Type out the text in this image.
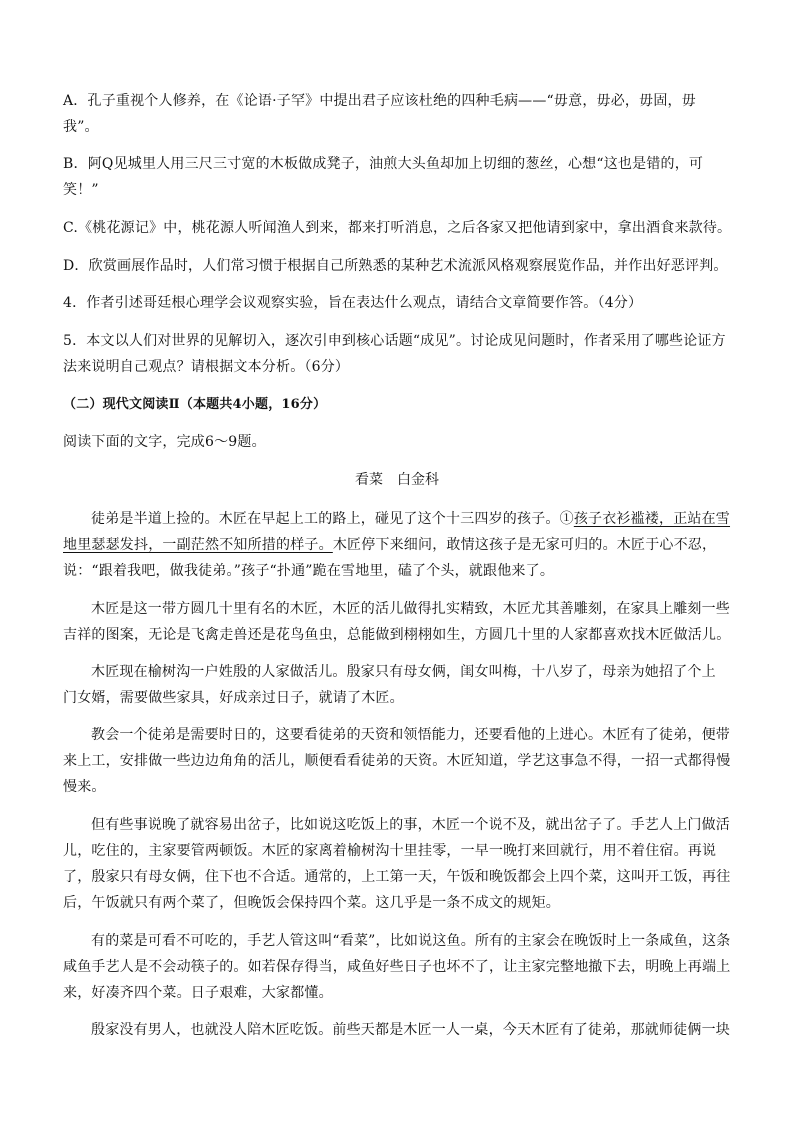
A．孔子重视个人修养，在《论语·子罕》中提出君子应该杜绝的四种毛病——“毋意，毋必，毋固，毋
我”。
B．阿Q见城里人用三尺三寸宽的木板做成凳子，油煎大头鱼却加上切细的葱丝，心想“这也是错的，可
笑！”
C.《桃花源记》中，桃花源人听闻渔人到来，都来打听消息，之后各家又把他请到家中，拿出酒食来款待。
D．欣赏画展作品时，人们常习惯于根据自己所熟悉的某种艺术流派风格观察展览作品，并作出好恶评判。
4．作者引述哥廷根心理学会议观察实验，旨在表达什么观点，请结合文章简要作答。（4分）
5．本文以人们对世界的见解切入，逐次引申到核心话题“成见”。讨论成见问题时，作者采用了哪些论证方
法来说明自己观点？请根据文本分析。（6分）
（二）现代文阅读Ⅱ（本题共4小题，16分）
阅读下面的文字，完成6～9题。
看菜　白金科
徒弟是半道上捡的。木匠在早起上工的路上，碰见了这个十三四岁的孩子。①孩子衣衫褴褛，正站在雪
地里瑟瑟发抖，一副茫然不知所措的样子。木匠停下来细问，敢情这孩子是无家可归的。木匠于心不忍，
说：“跟着我吧，做我徒弟。”孩子“扑通”跪在雪地里，磕了个头，就跟他来了。
木匠是这一带方圆几十里有名的木匠，木匠的活儿做得扎实精致，木匠尤其善雕刻，在家具上雕刻一些
吉祥的图案，无论是飞禽走兽还是花鸟鱼虫，总能做到栩栩如生，方圆几十里的人家都喜欢找木匠做活儿。
木匠现在榆树沟一户姓殷的人家做活儿。殷家只有母女俩，闺女叫梅，十八岁了，母亲为她招了个上
门女婿，需要做些家具，好成亲过日子，就请了木匠。
教会一个徒弟是需要时日的，这要看徒弟的天资和领悟能力，还要看他的上进心。木匠有了徒弟，便带
来上工，安排做一些边边角角的活儿，顺便看看徒弟的天资。木匠知道，学艺这事急不得，一招一式都得慢
慢来。
但有些事说晚了就容易出岔子，比如说这吃饭上的事，木匠一个说不及，就出岔子了。手艺人上门做活
儿，吃住的，主家要管两顿饭。木匠的家离着榆树沟十里挂零，一早一晚打来回就行，用不着住宿。再说
了，殷家只有母女俩，住下也不合适。通常的，上工第一天，午饭和晚饭都会上四个菜，这叫开工饭，再往
后，午饭就只有两个菜了，但晚饭会保持四个菜。这几乎是一条不成文的规矩。
有的菜是可看不可吃的，手艺人管这叫“看菜”，比如说这鱼。所有的主家会在晚饭时上一条咸鱼，这条
咸鱼手艺人是不会动筷子的。如若保存得当，咸鱼好些日子也坏不了，让主家完整地撤下去，明晚上再端上
来，好凑齐四个菜。日子艰难，大家都懂。
殷家没有男人，也就没人陪木匠吃饭。前些天都是木匠一人一桌，今天木匠有了徒弟，那就师徒俩一块
